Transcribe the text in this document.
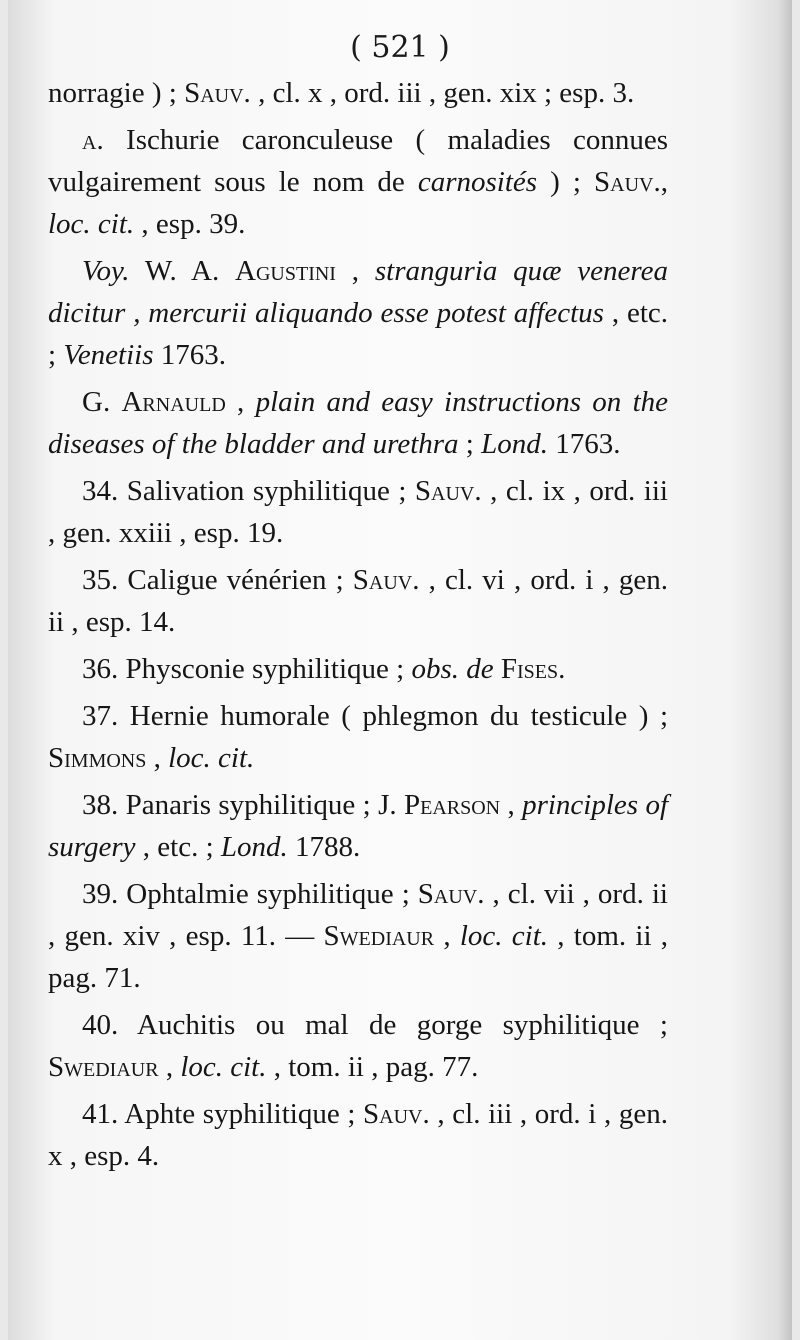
( 521 )

norragie ) ; Sauv. , cl. x , ord. iii , gen. xix ; esp. 3.

a. Ischurie caronculeuse ( maladies connues vulgairement sous le nom de carnosités ) ; Sauv., loc. cit. , esp. 39.

Voy. W. A. Agustini , stranguria quæ venerea dicitur , mercurii aliquando esse potest affectus , etc. ; Venetiis 1763.

G. Arnauld , plain and easy instructions on the diseases of the bladder and urethra ; Lond. 1763.

34. Salivation syphilitique ; Sauv. , cl. ix , ord. iii , gen. xxiii , esp. 19.

35. Caligue vénérien ; Sauv. , cl. vi , ord. i , gen. ii , esp. 14.

36. Physconie syphilitique ; obs. de Fises.

37. Hernie humorale ( phlegmon du testicule ) ; Simmons , loc. cit.

38. Panaris syphilitique ; J. Pearson , principles of surgery , etc. ; Lond. 1788.

39. Ophtalmie syphilitique ; Sauv. , cl. vii , ord. ii , gen. xiv , esp. 11. — Swediaur , loc. cit. , tom. ii , pag. 71.

40. Auchitis ou mal de gorge syphilitique ; Swediaur , loc. cit. , tom. ii , pag. 77.

41. Aphte syphilitique ; Sauv. , cl. iii , ord. i , gen. x , esp. 4.
